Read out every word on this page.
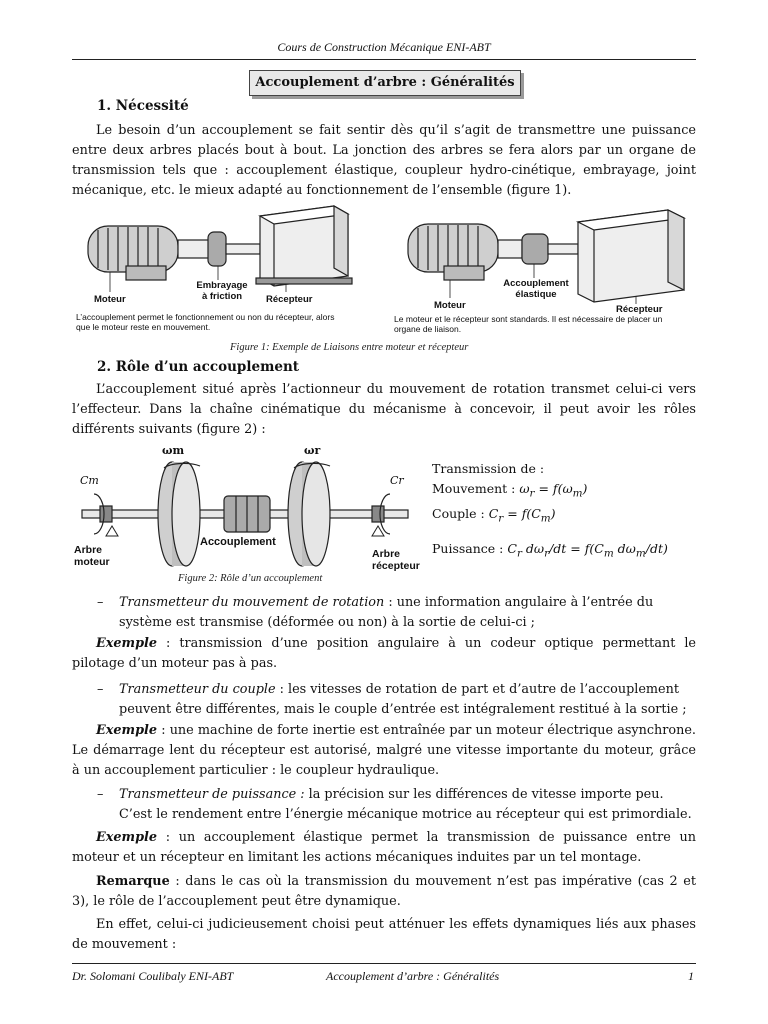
Cours de Construction Mécanique ENI-ABT
Accouplement d’arbre : Généralités
1. Nécessité
Le besoin d’un accouplement se fait sentir dès qu’il s’agit de transmettre une puissance
entre deux arbres placés bout à bout. La jonction des arbres se fera alors par un organe de
transmission tels que : accouplement élastique, coupleur hydro-cinétique, embrayage, joint
mécanique, etc. le mieux adapté au fonctionnement de l’ensemble (figure 1).
Moteur
Embrayage
à friction	Récepteur
L’accouplement permet le fonctionnement ou non du récepteur, alors
que le moteur reste en mouvement.
Moteur
Accouplement
élastique
Récepteur
Le moteur et le récepteur sont standards. Il est nécessaire de placer un
organe de liaison.
Figure 1: Exemple de Liaisons entre moteur et récepteur
2. Rôle d’un accouplement
L’accouplement situé après l’actionneur du mouvement de rotation transmet celui-ci vers
l’effecteur. Dans la chaîne cinématique du mécanisme à concevoir, il peut avoir les rôles
différents suivants (figure 2) :
ωm	ωr
Cm	Cr
Arbre
moteur
Accouplement
Arbre
récepteur
Figure 2: Rôle d’un accouplement
Transmission de :
Mouvement : $\omega_r = f(\omega_m)$
Couple : $C_r = f(C_m)$
Puissance : $C_r$ $d\omega_r/dt = f(C_m$ $d\omega_m/dt$)
– Transmetteur du mouvement de rotation : une information angulaire à l’entrée du
système est transmise (déformée ou non) à la sortie de celui-ci ;
Exemple : transmission d’une position angulaire à un codeur optique permettant le
pilotage d’un moteur pas à pas.
– Transmetteur du couple : les vitesses de rotation de part et d’autre de l’accouplement
peuvent être différentes, mais le couple d’entrée est intégralement restitué à la sortie ;
Exemple : une machine de forte inertie est entraînée par un moteur électrique asynchrone.
Le démarrage lent du récepteur est autorisé, malgré une vitesse importante du moteur, grâce
à un accouplement particulier : le coupleur hydraulique.
– Transmetteur de puissance : la précision sur les différences de vitesse importe peu.
C’est le rendement entre l’énergie mécanique motrice au récepteur qui est primordiale.
Exemple : un accouplement élastique permet la transmission de puissance entre un
moteur et un récepteur en limitant les actions mécaniques induites par un tel montage.
Remarque : dans le cas où la transmission du mouvement n’est pas impérative (cas 2 et
3), le rôle de l’accouplement peut être dynamique.
En effet, celui-ci judicieusement choisi peut atténuer les effets dynamiques liés aux phases
de mouvement :
Dr. Solomani Coulibaly ENI-ABT	Accouplement d’arbre : Généralités	1
